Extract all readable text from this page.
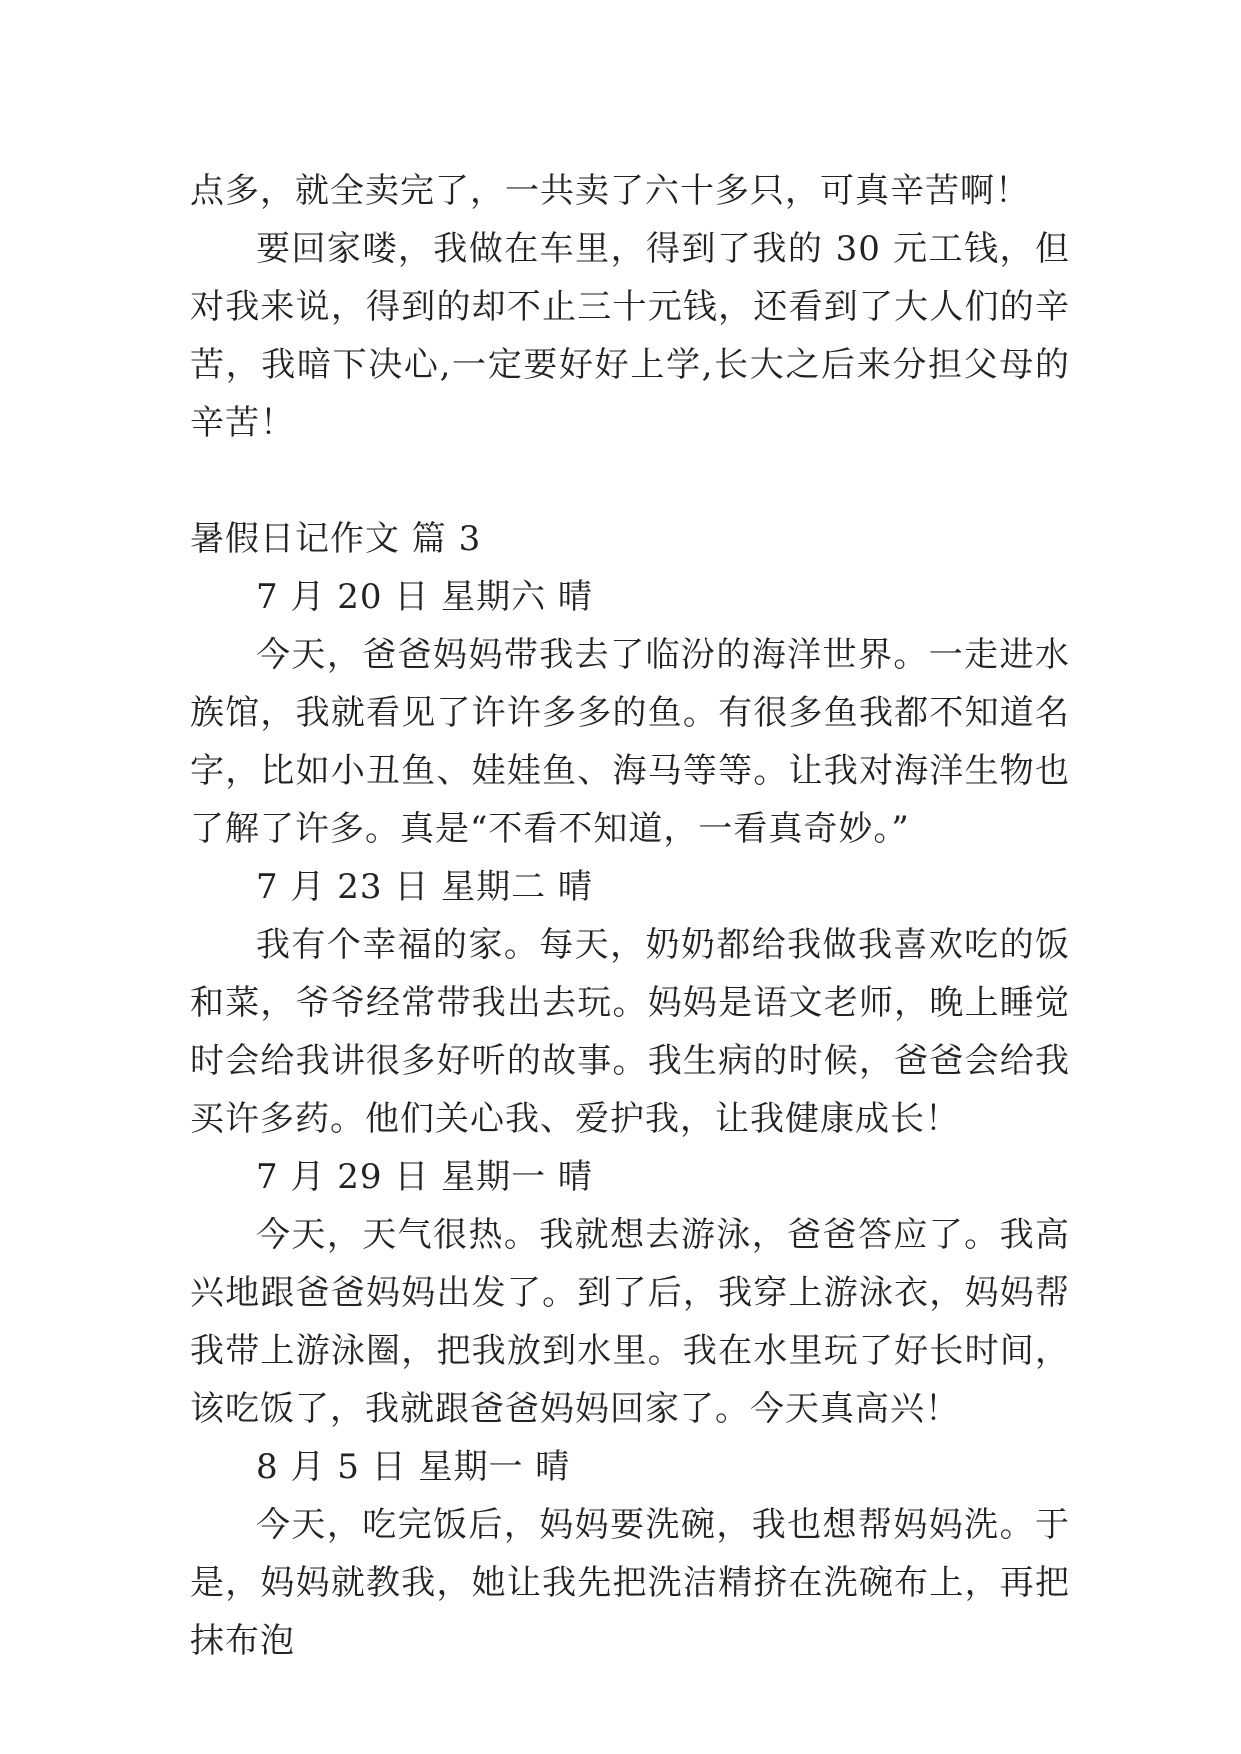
点多，就全卖完了，一共卖了六十多只，可真辛苦啊！

要回家喽，我做在车里，得到了我的 30 元工钱，但对我来说，得到的却不止三十元钱，还看到了大人们的辛苦，我暗下决心,一定要好好上学,长大之后来分担父母的辛苦！

暑假日记作文 篇 3

7 月 20 日 星期六 晴

今天，爸爸妈妈带我去了临汾的海洋世界。一走进水族馆，我就看见了许许多多的鱼。有很多鱼我都不知道名字，比如小丑鱼、娃娃鱼、海马等等。让我对海洋生物也了解了许多。真是“不看不知道，一看真奇妙。”

7 月 23 日 星期二 晴

我有个幸福的家。每天，奶奶都给我做我喜欢吃的饭和菜，爷爷经常带我出去玩。妈妈是语文老师，晚上睡觉时会给我讲很多好听的故事。我生病的时候，爸爸会给我买许多药。他们关心我、爱护我，让我健康成长！

7 月 29 日 星期一 晴

今天，天气很热。我就想去游泳，爸爸答应了。我高兴地跟爸爸妈妈出发了。到了后，我穿上游泳衣，妈妈帮我带上游泳圈，把我放到水里。我在水里玩了好长时间，该吃饭了，我就跟爸爸妈妈回家了。今天真高兴！

8 月 5 日 星期一 晴

今天，吃完饭后，妈妈要洗碗，我也想帮妈妈洗。于是，妈妈就教我，她让我先把洗洁精挤在洗碗布上，再把抹布泡
